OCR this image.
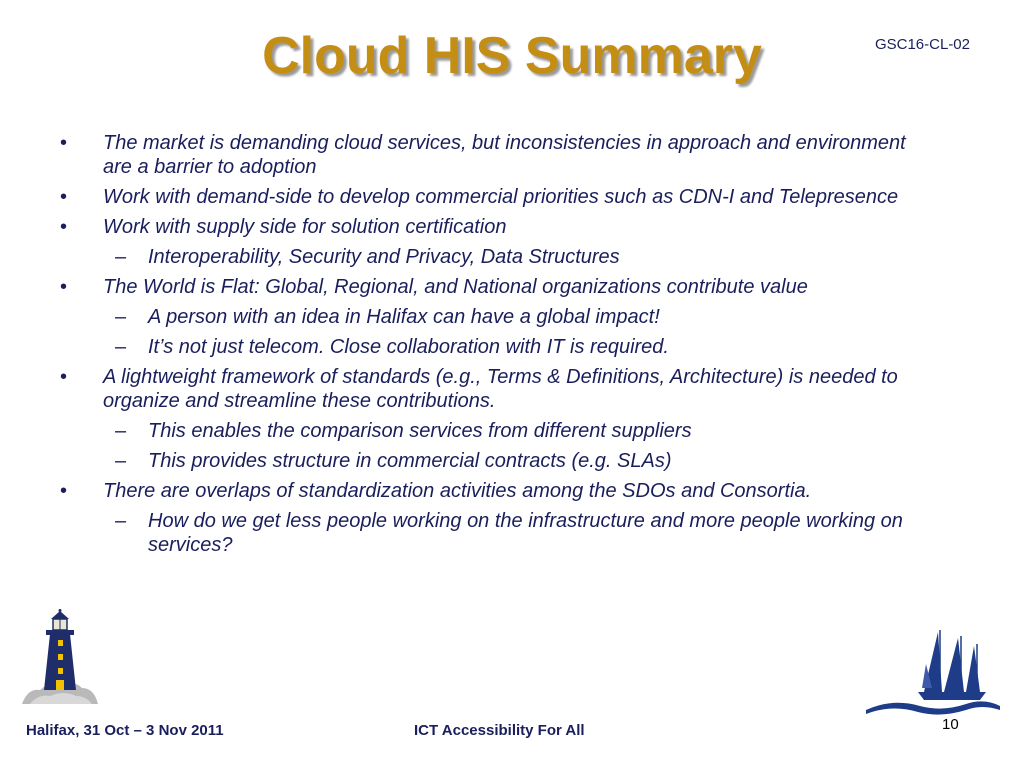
Cloud HIS Summary	GSC16-CL-02
• The market is demanding cloud services, but inconsistencies in approach and environment are a barrier to adoption
• Work with demand-side to develop commercial priorities such as CDN-I and Telepresence
• Work with supply side for solution certification
– Interoperability, Security and Privacy, Data Structures
• The World is Flat: Global, Regional, and National organizations contribute value
– A person with an idea in Halifax can have a global impact!
– It’s not just telecom. Close collaboration with IT is required.
• A lightweight framework of standards (e.g., Terms & Definitions, Architecture) is needed to organize and streamline these contributions.
– This enables the comparison services from different suppliers
– This provides structure in commercial contracts (e.g. SLAs)
• There are overlaps of standardization activities among the SDOs and Consortia.
– How do we get less people working on the infrastructure and more people working on services?
Halifax, 31 Oct – 3 Nov 2011	ICT Accessibility For All	10
